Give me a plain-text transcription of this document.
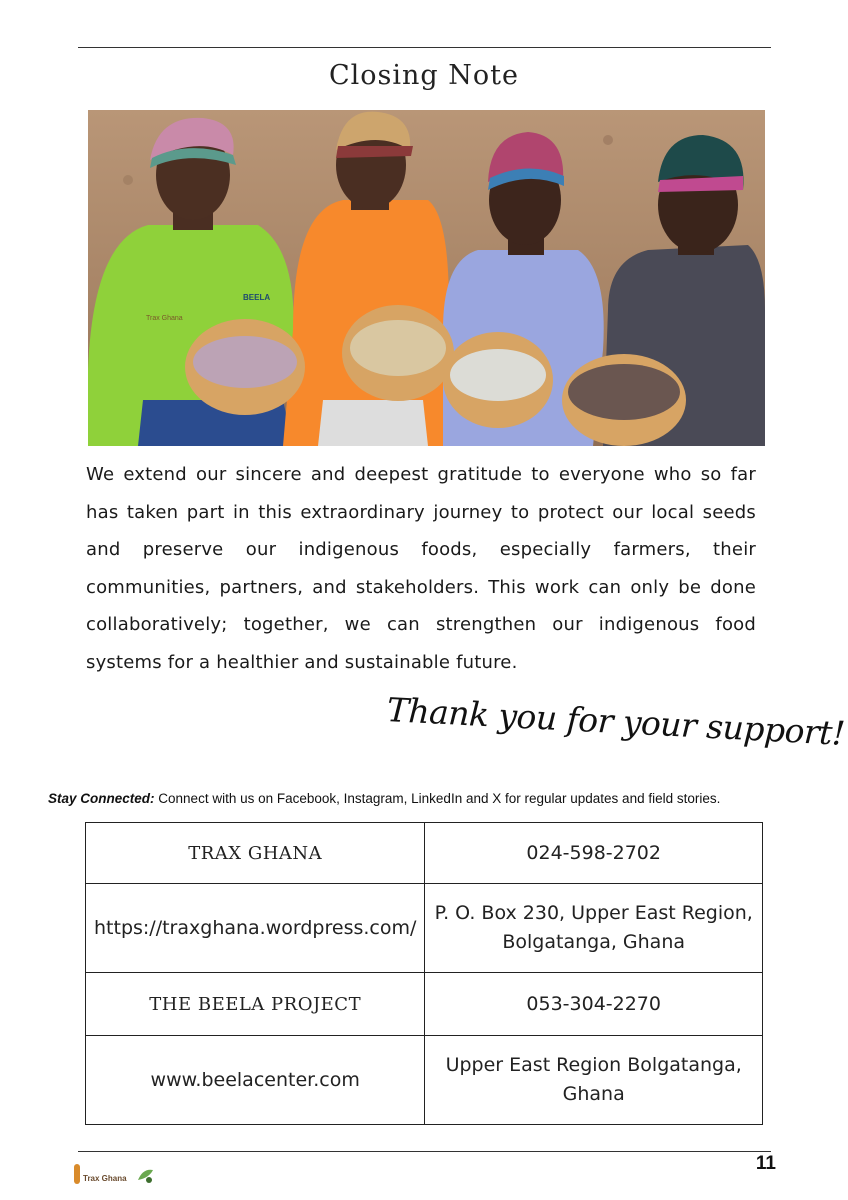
Closing Note
Trax Ghana
BEELA
We extend our sincere and deepest gratitude to everyone who so far has taken part in this extraordinary journey to protect our local seeds and preserve our indigenous foods, especially farmers, their communities, partners, and stakeholders. This work can only be done collaboratively; together, we can strengthen our indigenous food systems for a healthier and sustainable future.
Thank you for your support!
Stay Connected: Connect with us on Facebook, Instagram, LinkedIn and X for regular updates and field stories.
TRAX GHANA	024-598-2702
https://traxghana.wordpress.com/	P. O. Box 230, Upper East Region, Bolgatanga, Ghana
THE BEELA PROJECT	053-304-2270
www.beelacenter.com	Upper East Region Bolgatanga, Ghana
11
Trax Ghana
